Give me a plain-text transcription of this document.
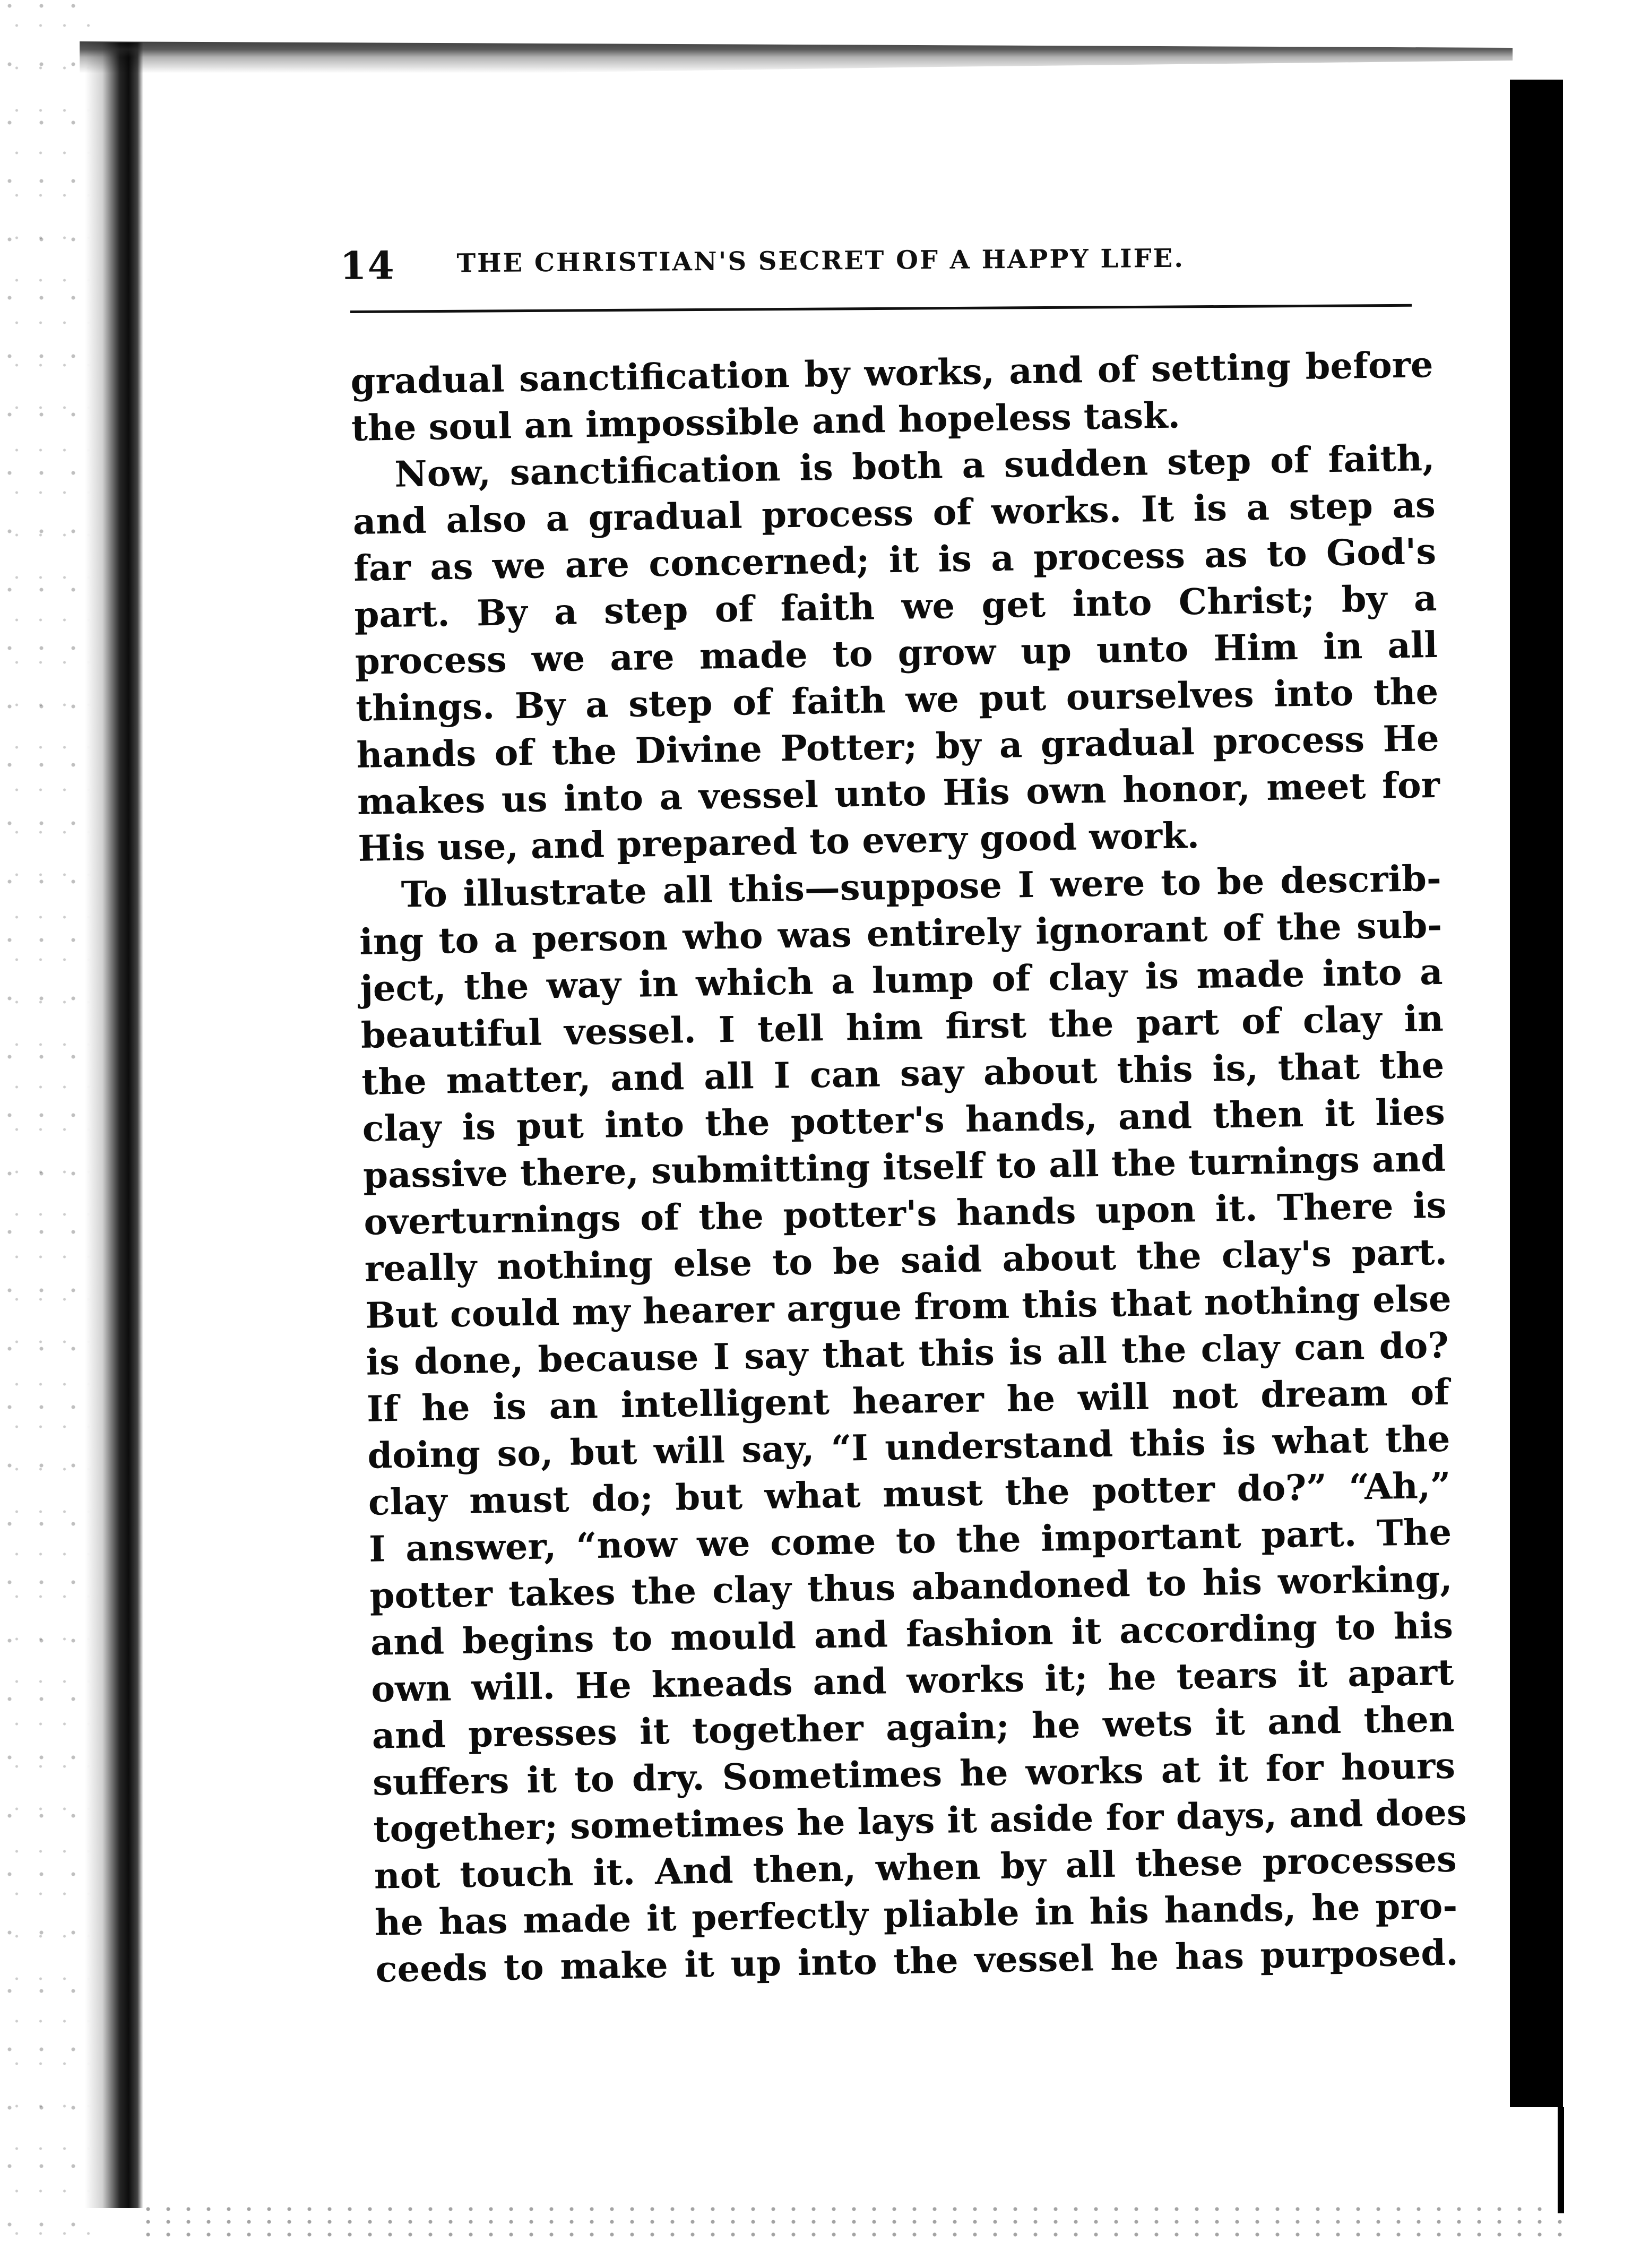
14 THE CHRISTIAN'S SECRET OF A HAPPY LIFE.
gradual sanctification by works, and of setting before
the soul an impossible and hopeless task.
Now, sanctification is both a sudden step of faith,
and also a gradual process of works. It is a step as
far as we are concerned; it is a process as to God's
part. By a step of faith we get into Christ; by a
process we are made to grow up unto Him in all
things. By a step of faith we put ourselves into the
hands of the Divine Potter; by a gradual process He
makes us into a vessel unto His own honor, meet for
His use, and prepared to every good work.
To illustrate all this—suppose I were to be describ-
ing to a person who was entirely ignorant of the sub-
ject, the way in which a lump of clay is made into a
beautiful vessel. I tell him first the part of clay in
the matter, and all I can say about this is, that the
clay is put into the potter's hands, and then it lies
passive there, submitting itself to all the turnings and
overturnings of the potter's hands upon it. There is
really nothing else to be said about the clay's part.
But could my hearer argue from this that nothing else
is done, because I say that this is all the clay can do?
If he is an intelligent hearer he will not dream of
doing so, but will say, “I understand this is what the
clay must do; but what must the potter do?” “Ah,”
I answer, “now we come to the important part. The
potter takes the clay thus abandoned to his working,
and begins to mould and fashion it according to his
own will. He kneads and works it; he tears it apart
and presses it together again; he wets it and then
suffers it to dry. Sometimes he works at it for hours
together; sometimes he lays it aside for days, and does
not touch it. And then, when by all these processes
he has made it perfectly pliable in his hands, he pro-
ceeds to make it up into the vessel he has purposed.
